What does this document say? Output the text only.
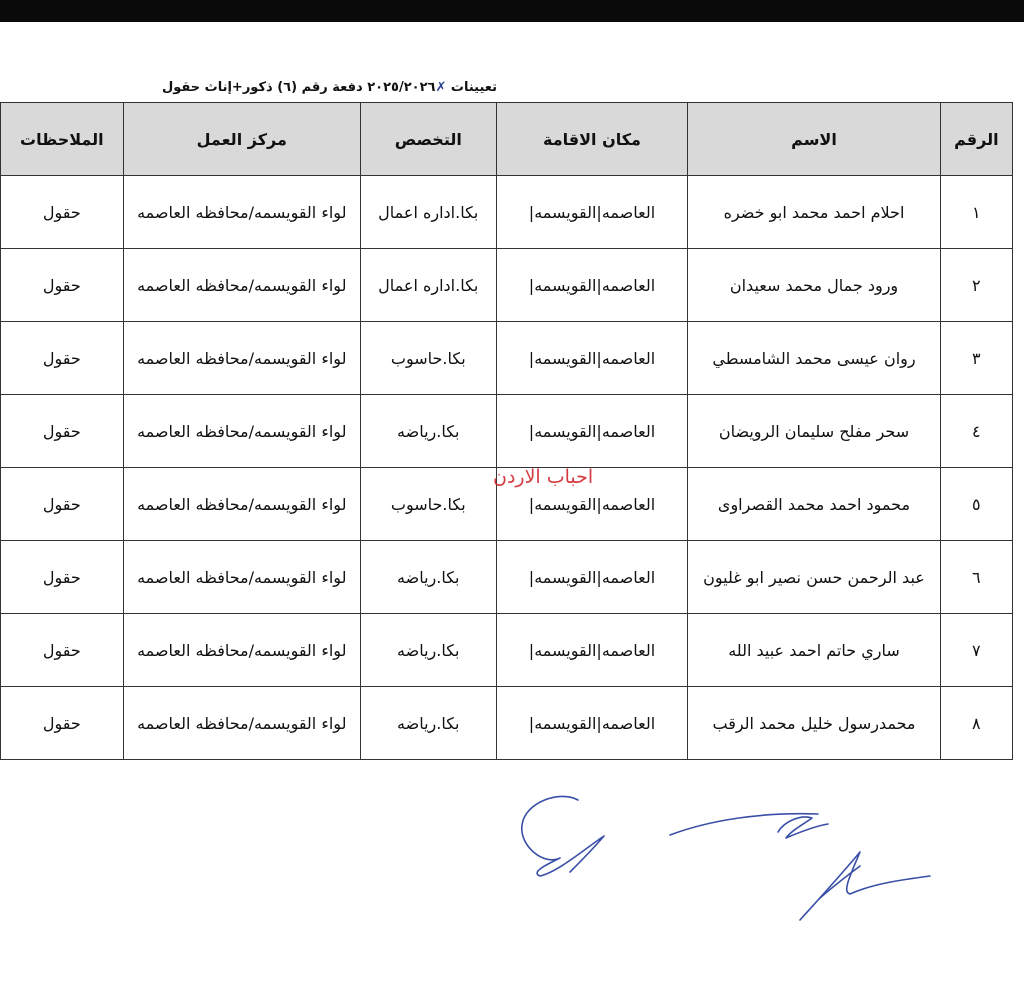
تعيينات ✗٢٠٢٥/٢٠٢٦ دفعة رقم (٦) ذكور+إناث حقول
الرقم	الاسم	مكان الاقامة	التخصص	مركز العمل	الملاحظات
١	احلام احمد محمد ابو خضره	العاصمه|القويسمه|	بكا.اداره اعمال	لواء القويسمه/محافظه العاصمه	حقول
٢	ورود جمال محمد سعيدان	العاصمه|القويسمه|	بكا.اداره اعمال	لواء القويسمه/محافظه العاصمه	حقول
٣	روان عيسى محمد الشامسطي	العاصمه|القويسمه|	بكا.حاسوب	لواء القويسمه/محافظه العاصمه	حقول
٤	سحر مفلح سليمان الرويضان	العاصمه|القويسمه|	بكا.رياضه	لواء القويسمه/محافظه العاصمه	حقول
٥	محمود احمد محمد القصراوى	العاصمه|القويسمه|	بكا.حاسوب	لواء القويسمه/محافظه العاصمه	حقول
٦	عبد الرحمن حسن نصير ابو غليون	العاصمه|القويسمه|	بكا.رياضه	لواء القويسمه/محافظه العاصمه	حقول
٧	ساري حاتم احمد عبيد الله	العاصمه|القويسمه|	بكا.رياضه	لواء القويسمه/محافظه العاصمه	حقول
٨	محمدرسول خليل محمد الرقب	العاصمه|القويسمه|	بكا.رياضه	لواء القويسمه/محافظه العاصمه	حقول
احباب الاردن
